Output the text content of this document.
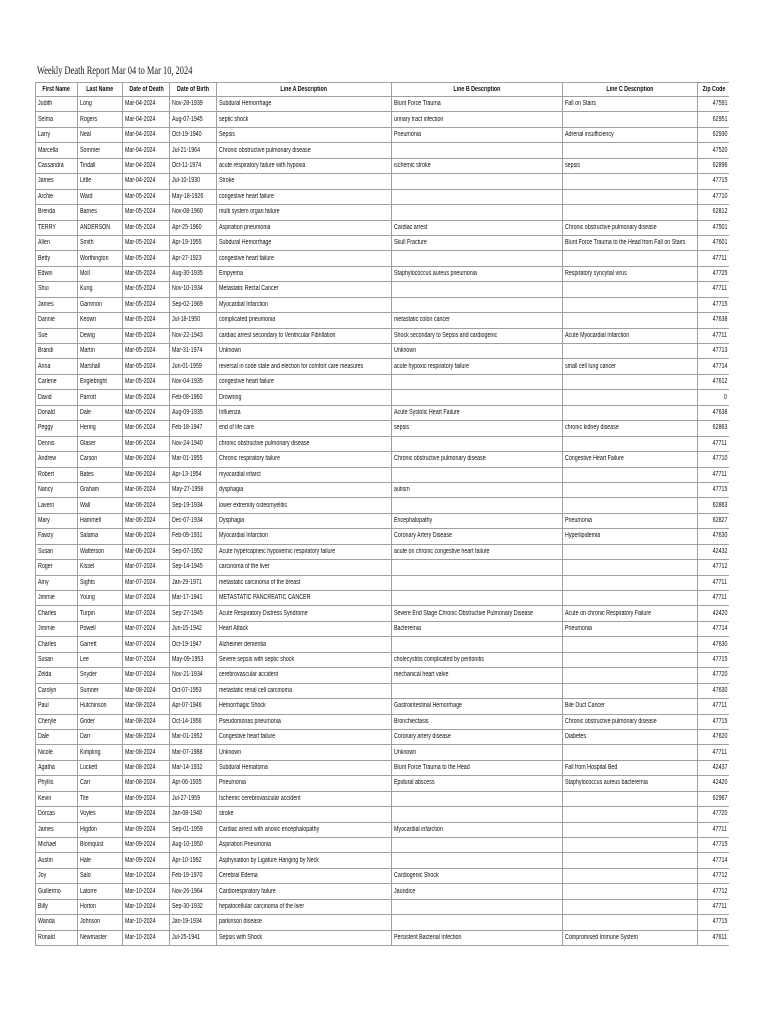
Weekly Death Report Mar 04 to Mar 10, 2024
First Name	Last Name	Date of Death	Date of Birth	Line A Description	Line B Description	Line C Description	Zip Code
Judith	Long	Mar-04-2024	Nov-28-1939	Subdural Hemorrhage	Blunt Force Trauma	Fall on Stairs	47591
Selma	Rogers	Mar-04-2024	Aug-07-1945	septic shock	urinary tract infection		62951
Larry	Neal	Mar-04-2024	Oct-19-1940	Sepsis	Pneumonia	Adrenal insufficiency	62930
Marcella	Sommer	Mar-04-2024	Jul-21-1964	Chronic obstructive pulmonary disease			47520
Cassandra	Tindall	Mar-04-2024	Oct-11-1974	acute respiratory failure with hypoxia	ischemic stroke	sepsis	62896
James	Little	Mar-04-2024	Jul-10-1930	Stroke			47715
Archie	Ward	Mar-05-2024	May-18-1926	congestive heart failure			47710
Brenda	Barnes	Mar-05-2024	Nov-08-1960	multi system organ failure			62812
TERRY	ANDERSON	Mar-05-2024	Apr-25-1960	Aspiration pneumonia	Cardiac arrest	Chronic obstructive pulmonary disease	47501
Allen	Smith	Mar-05-2024	Apr-19-1955	Subdural Hemorrhage	Skull Fracture	Blunt Force Trauma to the Head from Fall on Stairs	47601
Betty	Worthington	Mar-05-2024	Apr-27-1923	congestive heart failure			47711
Edwin	Moll	Mar-05-2024	Aug-30-1935	Empyema	Staphylococcus aureus pneumonia	Respiratory syncytial virus	47725
Shui	Kung	Mar-05-2024	Nov-10-1934	Metastatic Rectal Cancer			47711
James	Gammon	Mar-05-2024	Sep-02-1969	Myocardial Infarction			47715
Dannie	Keown	Mar-05-2024	Jul-18-1950	complicated pneumonia	metastatic colon cancer		47638
Sue	Dewig	Mar-05-2024	Nov-22-1943	cardiac arrest secondary to Ventricular Fibrillation	Shock secondary to Sepsis and cardiogenic	Acute Myocardial Infarction	47711
Brandi	Martin	Mar-05-2024	Mar-31-1974	Unknown	Unknown		47713
Anna	Marshall	Mar-05-2024	Jun-01-1959	reversal in code state and election for comfort care measures	acute hypoxic respiratory failure	small cell lung cancer	47714
Carlene	Englebright	Mar-05-2024	Nov-04-1935	congestive heart failure			47612
David	Parrott	Mar-05-2024	Feb-09-1960	Drowning			0
Donald	Dale	Mar-05-2024	Aug-09-1935	Influenza	Acute Systolic Heart Failure		47638
Peggy	Hering	Mar-06-2024	Feb-18-1947	end of life care	sepsis	chronic kidney disease	62863
Dennis	Glaser	Mar-06-2024	Nov-24-1940	chronic obstructive pulmonary disease			47711
Andrew	Carson	Mar-06-2024	Mar-01-1955	Chronic respiratory failure	Chronic obstructive pulmonary disease	Congestive Heart Failure	47710
Robert	Bates	Mar-06-2024	Apr-13-1954	myocardial infarct			47711
Nancy	Graham	Mar-06-2024	May-27-1958	dysphagia	autism		47715
Lavern	Wall	Mar-06-2024	Sep-19-1934	lower extremity osteomyelitis			62863
Mary	Hammell	Mar-06-2024	Dec-07-1934	Dysphagia	Encephalopathy	Pneumonia	62827
Fawzy	Salama	Mar-06-2024	Feb-09-1931	Myocardial Infarction	Coronary Artery Disease	Hyperlipidemia	47630
Susan	Watterson	Mar-06-2024	Sep-07-1952	Acute hypercapneic hypoxemic respiratory failure	acute on chronic congestive heart failure		42432
Roger	Kissel	Mar-07-2024	Sep-14-1945	carcinoma of the liver			47712
Amy	Sights	Mar-07-2024	Jan-29-1971	metastatic carcinoma of the breast			47711
Jimmie	Young	Mar-07-2024	Mar-17-1941	METASTATIC PANCREATIC CANCER			47711
Charles	Turpin	Mar-07-2024	Sep-27-1945	Acute Respiratory Distress Syndrome	Severe End Stage Chronic Obstructive Pulmonary Disease	Acute on chronic Respiratory Failure	42420
Jimmie	Powell	Mar-07-2024	Jun-15-1942	Heart Attack	Bacteremia	Pneumonia	47714
Charles	Garrett	Mar-07-2024	Oct-19-1947	Alzheimer dementia			47630
Susan	Lee	Mar-07-2024	May-09-1953	Severe sepsis with septic shock	cholecystitis complicated by peritonitis		47715
Zelda	Snyder	Mar-07-2024	Nov-21-1934	cerebrovascular accident	mechanical heart valve		47720
Carolyn	Sumner	Mar-08-2024	Oct-07-1953	metastatic renal cell carcinoma			47630
Paul	Hutchinson	Mar-08-2024	Apr-07-1946	Hemorrhagic Shock	Gastrointestinal Hemorrhage	Bile Duct Cancer	47711
Cheryle	Grider	Mar-08-2024	Oct-14-1956	Pseudomonas pneumonia	Bronchiectasis	Chronic obstructive pulmonary disease	47715
Dale	Darr	Mar-08-2024	Mar-01-1952	Congestive heart failure	Coronary artery disease	Diabetes	47620
Nicole	Kimpling	Mar-08-2024	Mar-07-1988	Unknown	Unknown		47711
Agatha	Luckett	Mar-08-2024	Mar-14-1932	Subdural Hematoma	Blunt Force Trauma to the Head	Fall from Hospital Bed	42437
Phyllis	Carr	Mar-08-2024	Apr-06-1935	Pneumonia	Epidural abscess	Staphylococcus aureus bacteremia	42420
Kevin	Tite	Mar-09-2024	Jul-27-1959	Ischemic cerebrovascular accident			62967
Dorcas	Voyles	Mar-09-2024	Jan-08-1940	stroke			47720
James	Higdon	Mar-09-2024	Sep-01-1959	Cardiac arrest with anoxic encephalopathy	Myocardial infarction		47711
Michael	Blomquist	Mar-09-2024	Aug-10-1950	Aspiration Pneumonia			47715
Austin	Hale	Mar-09-2024	Apr-10-1992	Asphyxiation by Ligature Hanging by Neck			47714
Joy	Salo	Mar-10-2024	Feb-19-1970	Cerebral Edema	Cardiogenic Shock		47712
Guillermo	Latorre	Mar-10-2024	Nov-26-1964	Cardiorespiratory failure	Jaundice		47712
Billy	Horton	Mar-10-2024	Sep-30-1932	hepatocellular carcinoma of the liver			47711
Wanda	Johnson	Mar-10-2024	Jan-19-1934	parkinson disease			47715
Ronald	Newmaster	Mar-10-2024	Jul-25-1941	Sepsis with Shock	Persistent Bacterial Infection	Compromised Immune System	47611
